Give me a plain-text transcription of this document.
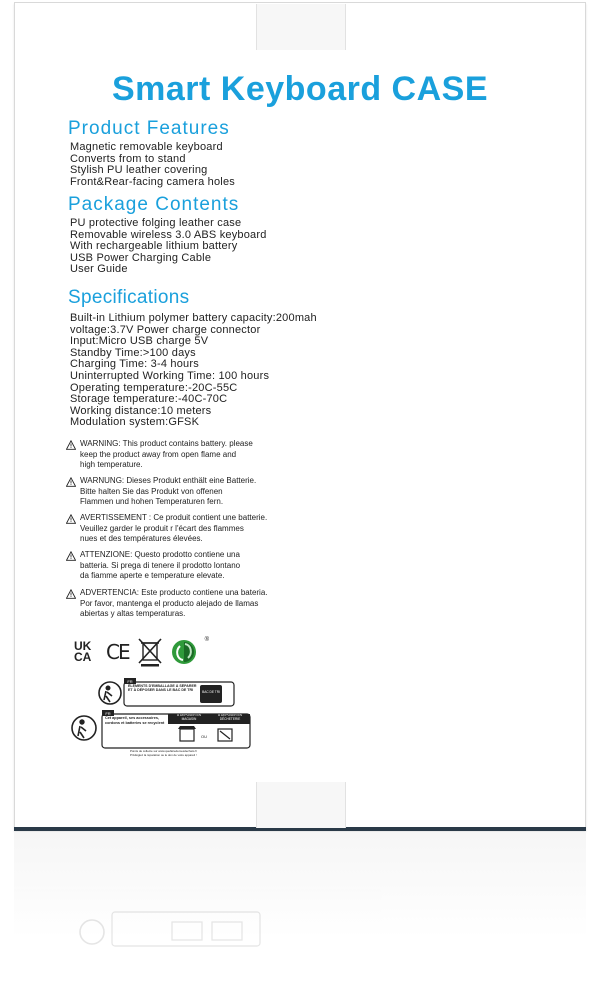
Smart Keyboard CASE
Product Features
Magnetic removable keyboard
Converts from to stand
Stylish PU leather covering
Front&Rear-facing camera holes
Package Contents
PU protective folging leather case
Removable wireless 3.0 ABS keyboard
With rechargeable lithium battery
USB Power Charging Cable
User Guide
Specifications
Built-in Lithium polymer battery capacity:200mah
voltage:3.7V Power charge connector
Input:Micro USB charge 5V
Standby Time:>100 days
Charging Time: 3-4 hours
Uninterrupted Working Time: 100 hours
Operating temperature:-20C-55C
Storage temperature:-40C-70C
Working distance:10 meters
Modulation system:GFSK
WARNING: This product contains battery. please
keep the product away from open flame and
high temperature.
WARNUNG: Dieses Produkt enthält eine Batterie.
Bitte halten Sie das Produkt von offenen
Flammen und hohen Temperaturen fern.
AVERTISSEMENT : Ce produit contient une batterie.
Veuillez garder le produit r l'écart des flammes
nues et des températures élevées.
ATTENZIONE: Questo prodotto contiene una
batteria. Si prega di tenere il prodotto lontano
da fiamme aperte e temperature elevate.
ADVERTENCIA: Este producto contiene una bateria.
Por favor, mantenga el producto alejado de llamas
abiertas y altas temperaturas.
UK
CA CE	®
FR
BAC DE TRI
ÉLÉMENTS D'EMBALLAGE À SÉPARER ET À DÉPOSER DANS LE BAC DE TRI
FR
Cet appareil, ses accessoires, cordons et batteries se recyclent
À DÉPOSER EN MAGASIN
À DÉPOSER EN DÉCHETERIE
OU
Points de collecte sur www.quefairedemesdechets.fr
Privilégiez la réparation ou le don de votre appareil !
